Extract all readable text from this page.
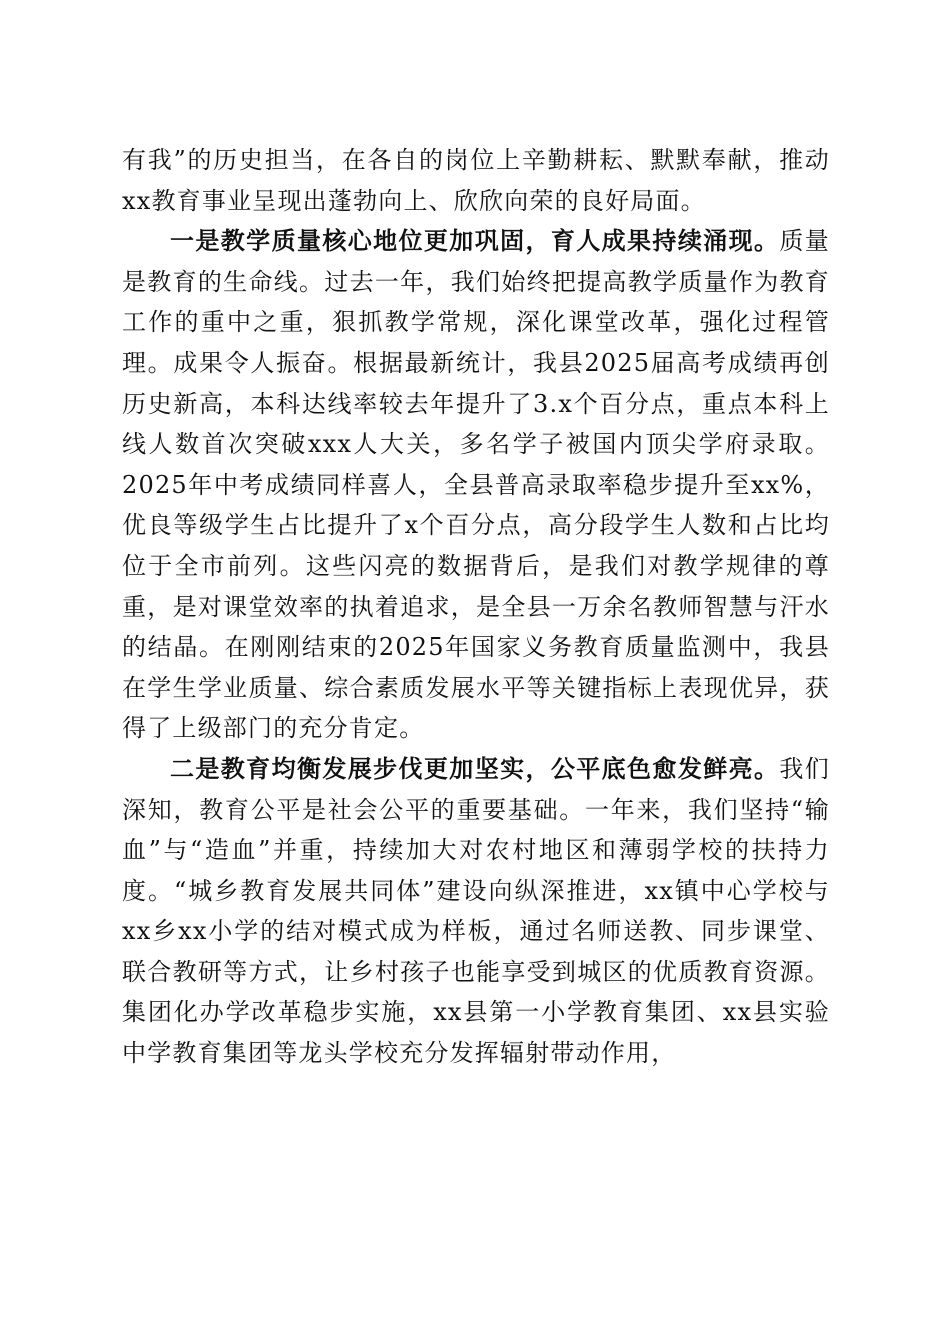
有我”的历史担当，在各自的岗位上辛勤耕耘、默默奉献，推动xx教育事业呈现出蓬勃向上、欣欣向荣的良好局面。

一是教学质量核心地位更加巩固，育人成果持续涌现。质量是教育的生命线。过去一年，我们始终把提高教学质量作为教育工作的重中之重，狠抓教学常规，深化课堂改革，强化过程管理。成果令人振奋。根据最新统计，我县2025届高考成绩再创历史新高，本科达线率较去年提升了3.x个百分点，重点本科上线人数首次突破xxx人大关，多名学子被国内顶尖学府录取。2025年中考成绩同样喜人，全县普高录取率稳步提升至xx%，优良等级学生占比提升了x个百分点，高分段学生人数和占比均位于全市前列。这些闪亮的数据背后，是我们对教学规律的尊重，是对课堂效率的执着追求，是全县一万余名教师智慧与汗水的结晶。在刚刚结束的2025年国家义务教育质量监测中，我县在学生学业质量、综合素质发展水平等关键指标上表现优异，获得了上级部门的充分肯定。

二是教育均衡发展步伐更加坚实，公平底色愈发鲜亮。我们深知，教育公平是社会公平的重要基础。一年来，我们坚持“输血”与“造血”并重，持续加大对农村地区和薄弱学校的扶持力度。“城乡教育发展共同体”建设向纵深推进，xx镇中心学校与xx乡xx小学的结对模式成为样板，通过名师送教、同步课堂、联合教研等方式，让乡村孩子也能享受到城区的优质教育资源。集团化办学改革稳步实施，xx县第一小学教育集团、xx县实验中学教育集团等龙头学校充分发挥辐射带动作用，
